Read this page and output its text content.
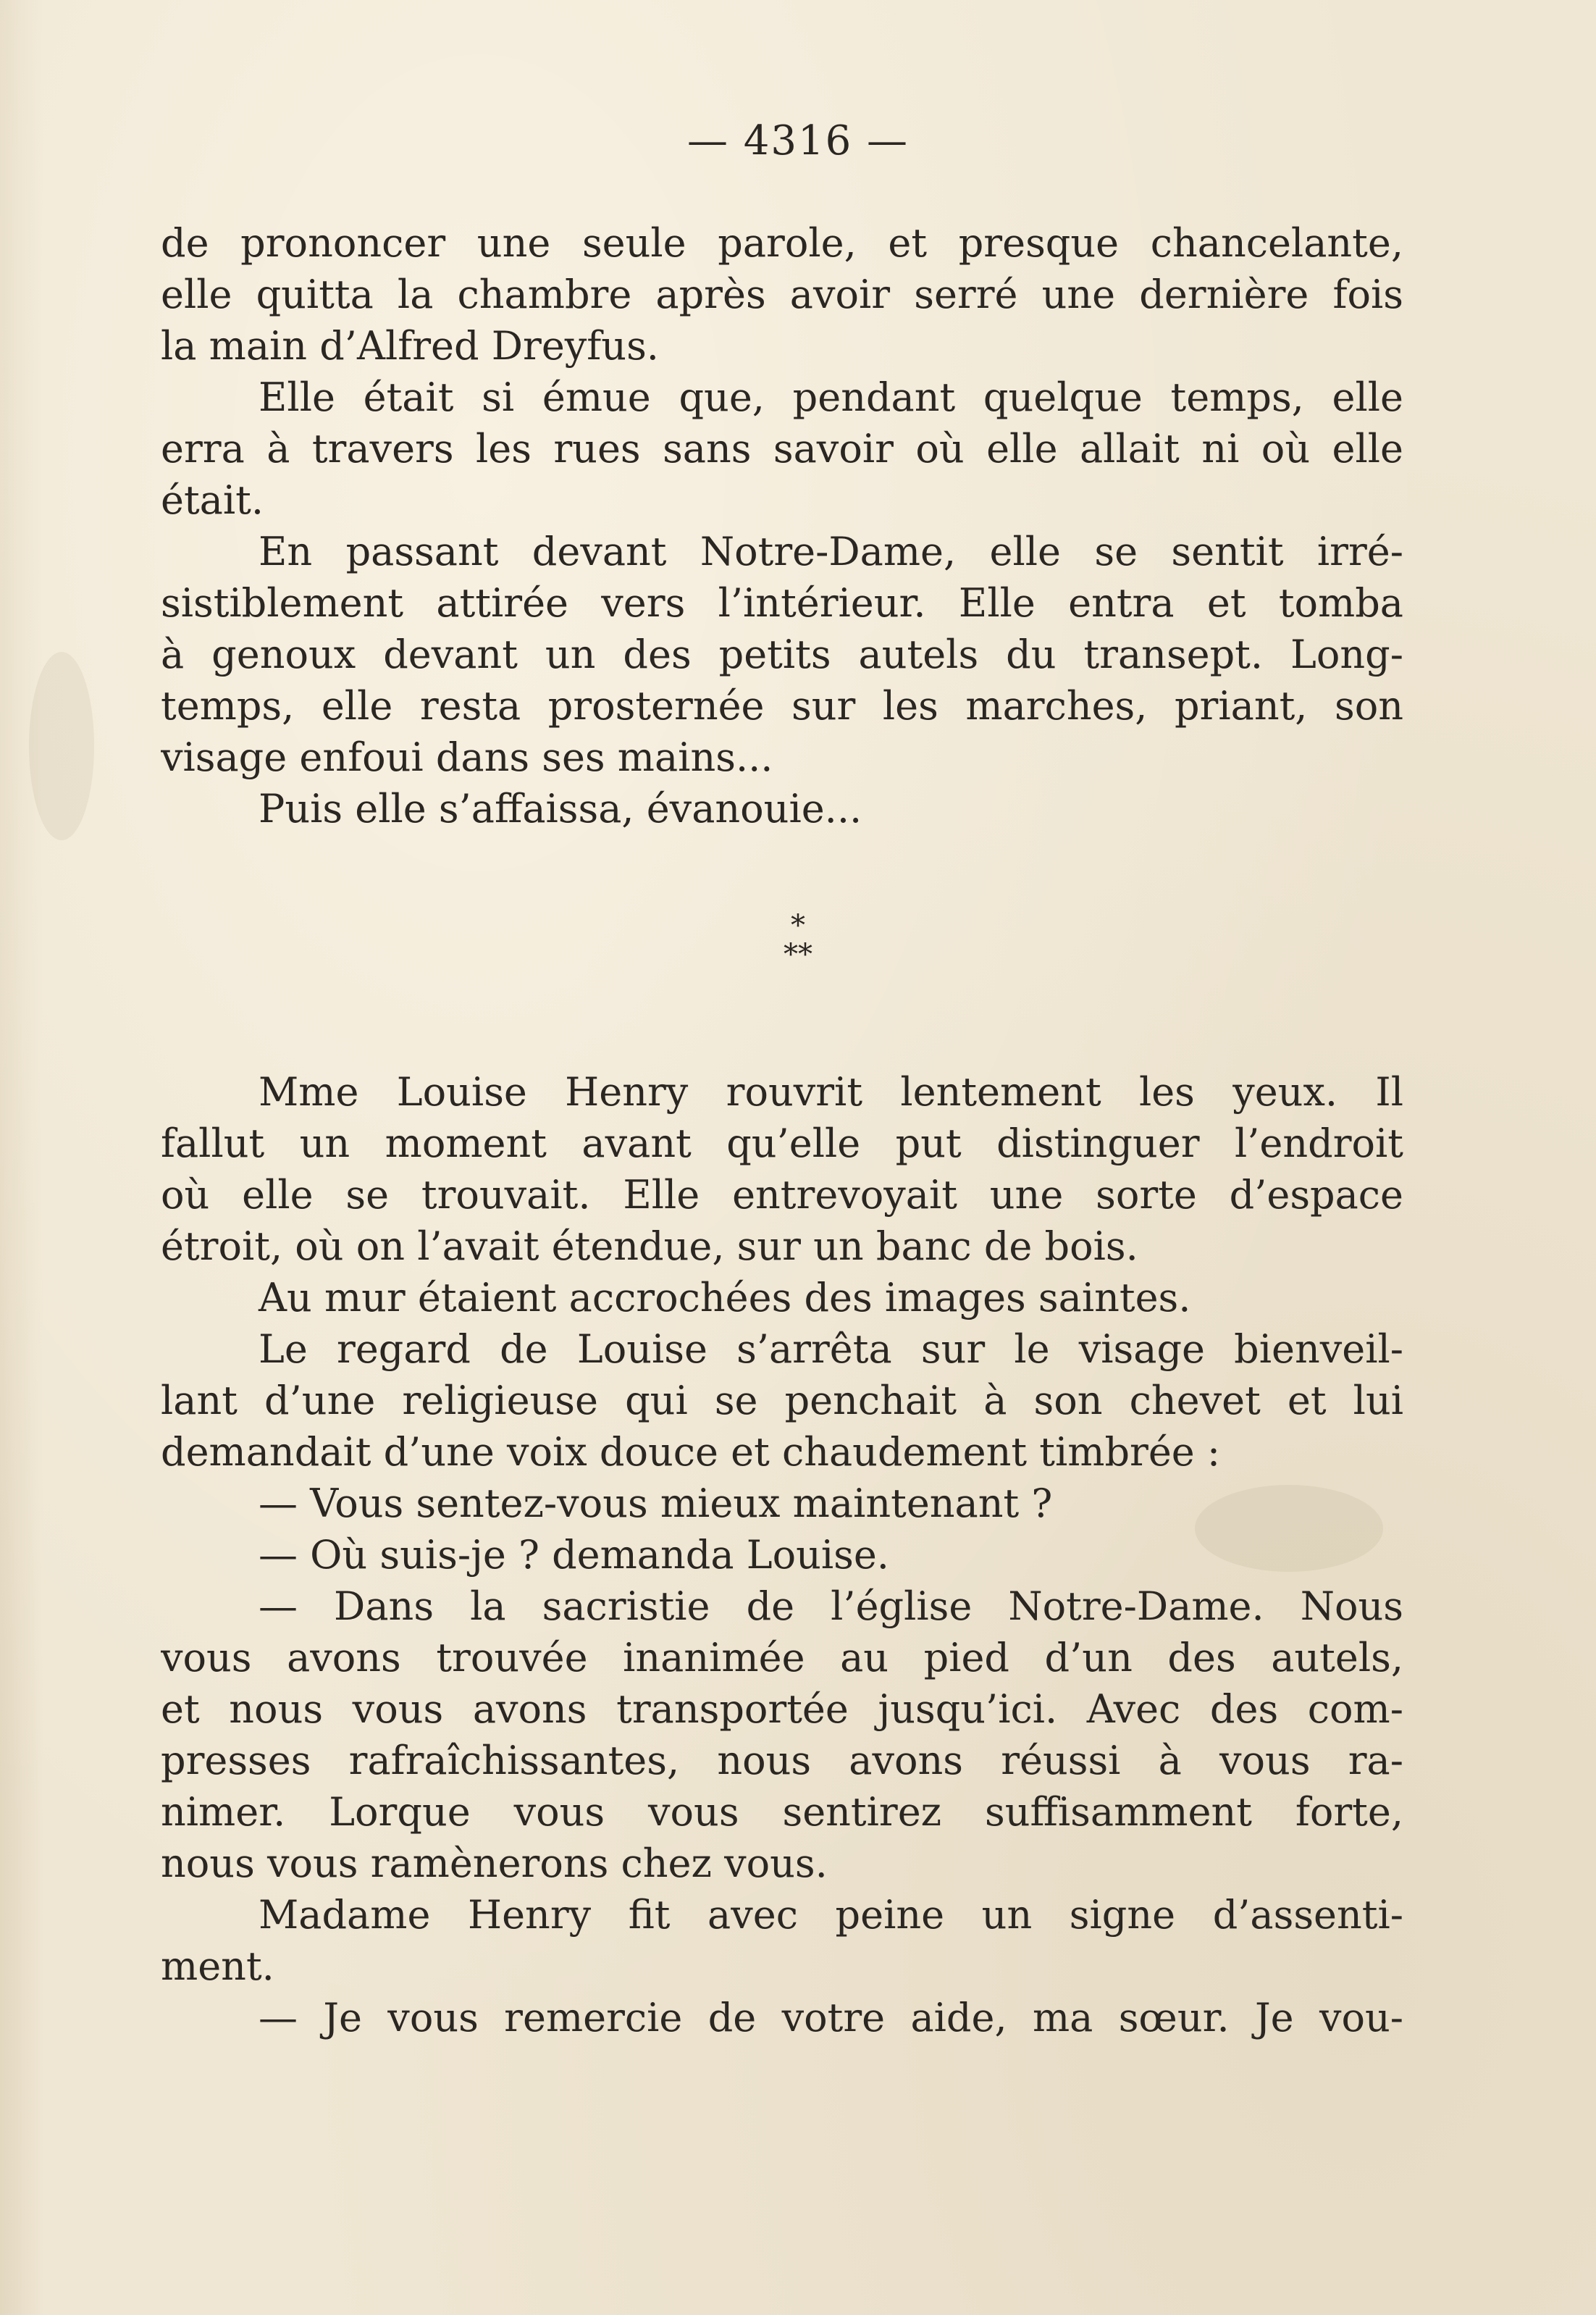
— 4316 —
de prononcer une seule parole, et presque chancelante,
elle quitta la chambre après avoir serré une dernière fois
la main d’Alfred Dreyfus.
Elle était si émue que, pendant quelque temps, elle
erra à travers les rues sans savoir où elle allait ni où elle
était.
En passant devant Notre-Dame, elle se sentit irré-
sistiblement attirée vers l’intérieur. Elle entra et tomba
à genoux devant un des petits autels du transept. Long-
temps, elle resta prosternée sur les marches, priant, son
visage enfoui dans ses mains...
Puis elle s’affaissa, évanouie...
*
**
Mme Louise Henry rouvrit lentement les yeux. Il
fallut un moment avant qu’elle put distinguer l’endroit
où elle se trouvait. Elle entrevoyait une sorte d’espace
étroit, où on l’avait étendue, sur un banc de bois.
Au mur étaient accrochées des images saintes.
Le regard de Louise s’arrêta sur le visage bienveil-
lant d’une religieuse qui se penchait à son chevet et lui
demandait d’une voix douce et chaudement timbrée :
— Vous sentez-vous mieux maintenant ?
— Où suis-je ? demanda Louise.
— Dans la sacristie de l’église Notre-Dame. Nous
vous avons trouvée inanimée au pied d’un des autels,
et nous vous avons transportée jusqu’ici. Avec des com-
presses rafraîchissantes, nous avons réussi à vous ra-
nimer. Lorque vous vous sentirez suffisamment forte,
nous vous ramènerons chez vous.
Madame Henry fit avec peine un signe d’assenti-
ment.
— Je vous remercie de votre aide, ma sœur. Je vou-
